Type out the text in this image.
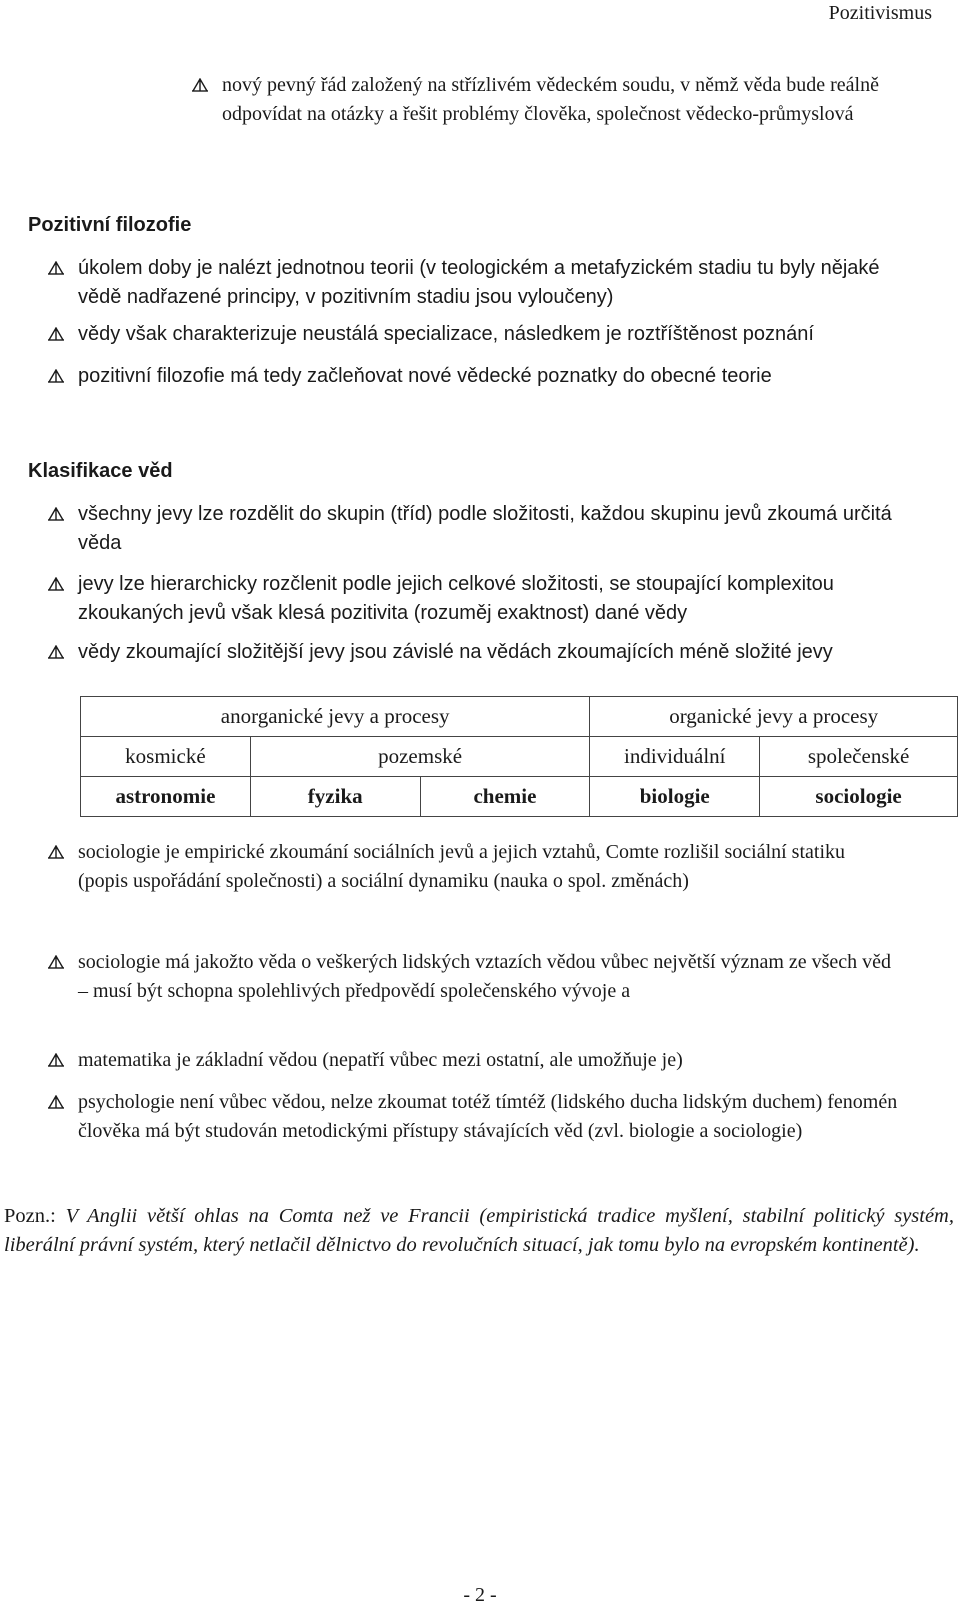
Pozitivismus
nový pevný řád založený na střízlivém vědeckém soudu, v němž věda bude reálně odpovídat na otázky a řešit problémy člověka, společnost vědecko-průmyslová
Pozitivní filozofie
úkolem doby je nalézt jednotnou teorii (v teologickém a metafyzickém stadiu tu byly nějaké vědě nadřazené principy, v pozitivním stadiu jsou vyloučeny)
vědy však charakterizuje neustálá specializace, následkem je roztříštěnost poznání
pozitivní filozofie má tedy začleňovat nové vědecké poznatky do obecné teorie
Klasifikace věd
všechny jevy lze rozdělit do skupin (tříd) podle složitosti, každou skupinu jevů zkoumá určitá věda
jevy lze hierarchicky rozčlenit podle jejich celkové složitosti, se stoupající komplexitou zkoukaných jevů však klesá pozitivita (rozuměj exaktnost) dané vědy
vědy zkoumající složitější jevy jsou závislé na vědách zkoumajících méně složité jevy
anorganické jevy a procesy			organické jevy a procesy	
kosmické	pozemské		individuální	společenské
astronomie	fyzika	chemie	biologie	sociologie
sociologie je empirické zkoumání sociálních jevů a jejich vztahů, Comte rozlišil sociální statiku (popis uspořádání společnosti) a sociální dynamiku (nauka o spol. změnách)
sociologie má jakožto věda o veškerých lidských vztazích vědou vůbec největší význam ze všech věd – musí být schopna spolehlivých předpovědí společenského vývoje a
matematika je základní vědou (nepatří vůbec mezi ostatní, ale umožňuje je)
psychologie není vůbec vědou, nelze zkoumat totéž tímtéž (lidského ducha lidským duchem) fenomén člověka má být studován metodickými přístupy stávajících věd (zvl. biologie a sociologie)
Pozn.: V Anglii větší ohlas na Comta než ve Francii (empiristická tradice myšlení, stabilní politický systém, liberální právní systém, který netlačil dělnictvo do revolučních situací, jak tomu bylo na evropském kontinentě).
- 2 -
